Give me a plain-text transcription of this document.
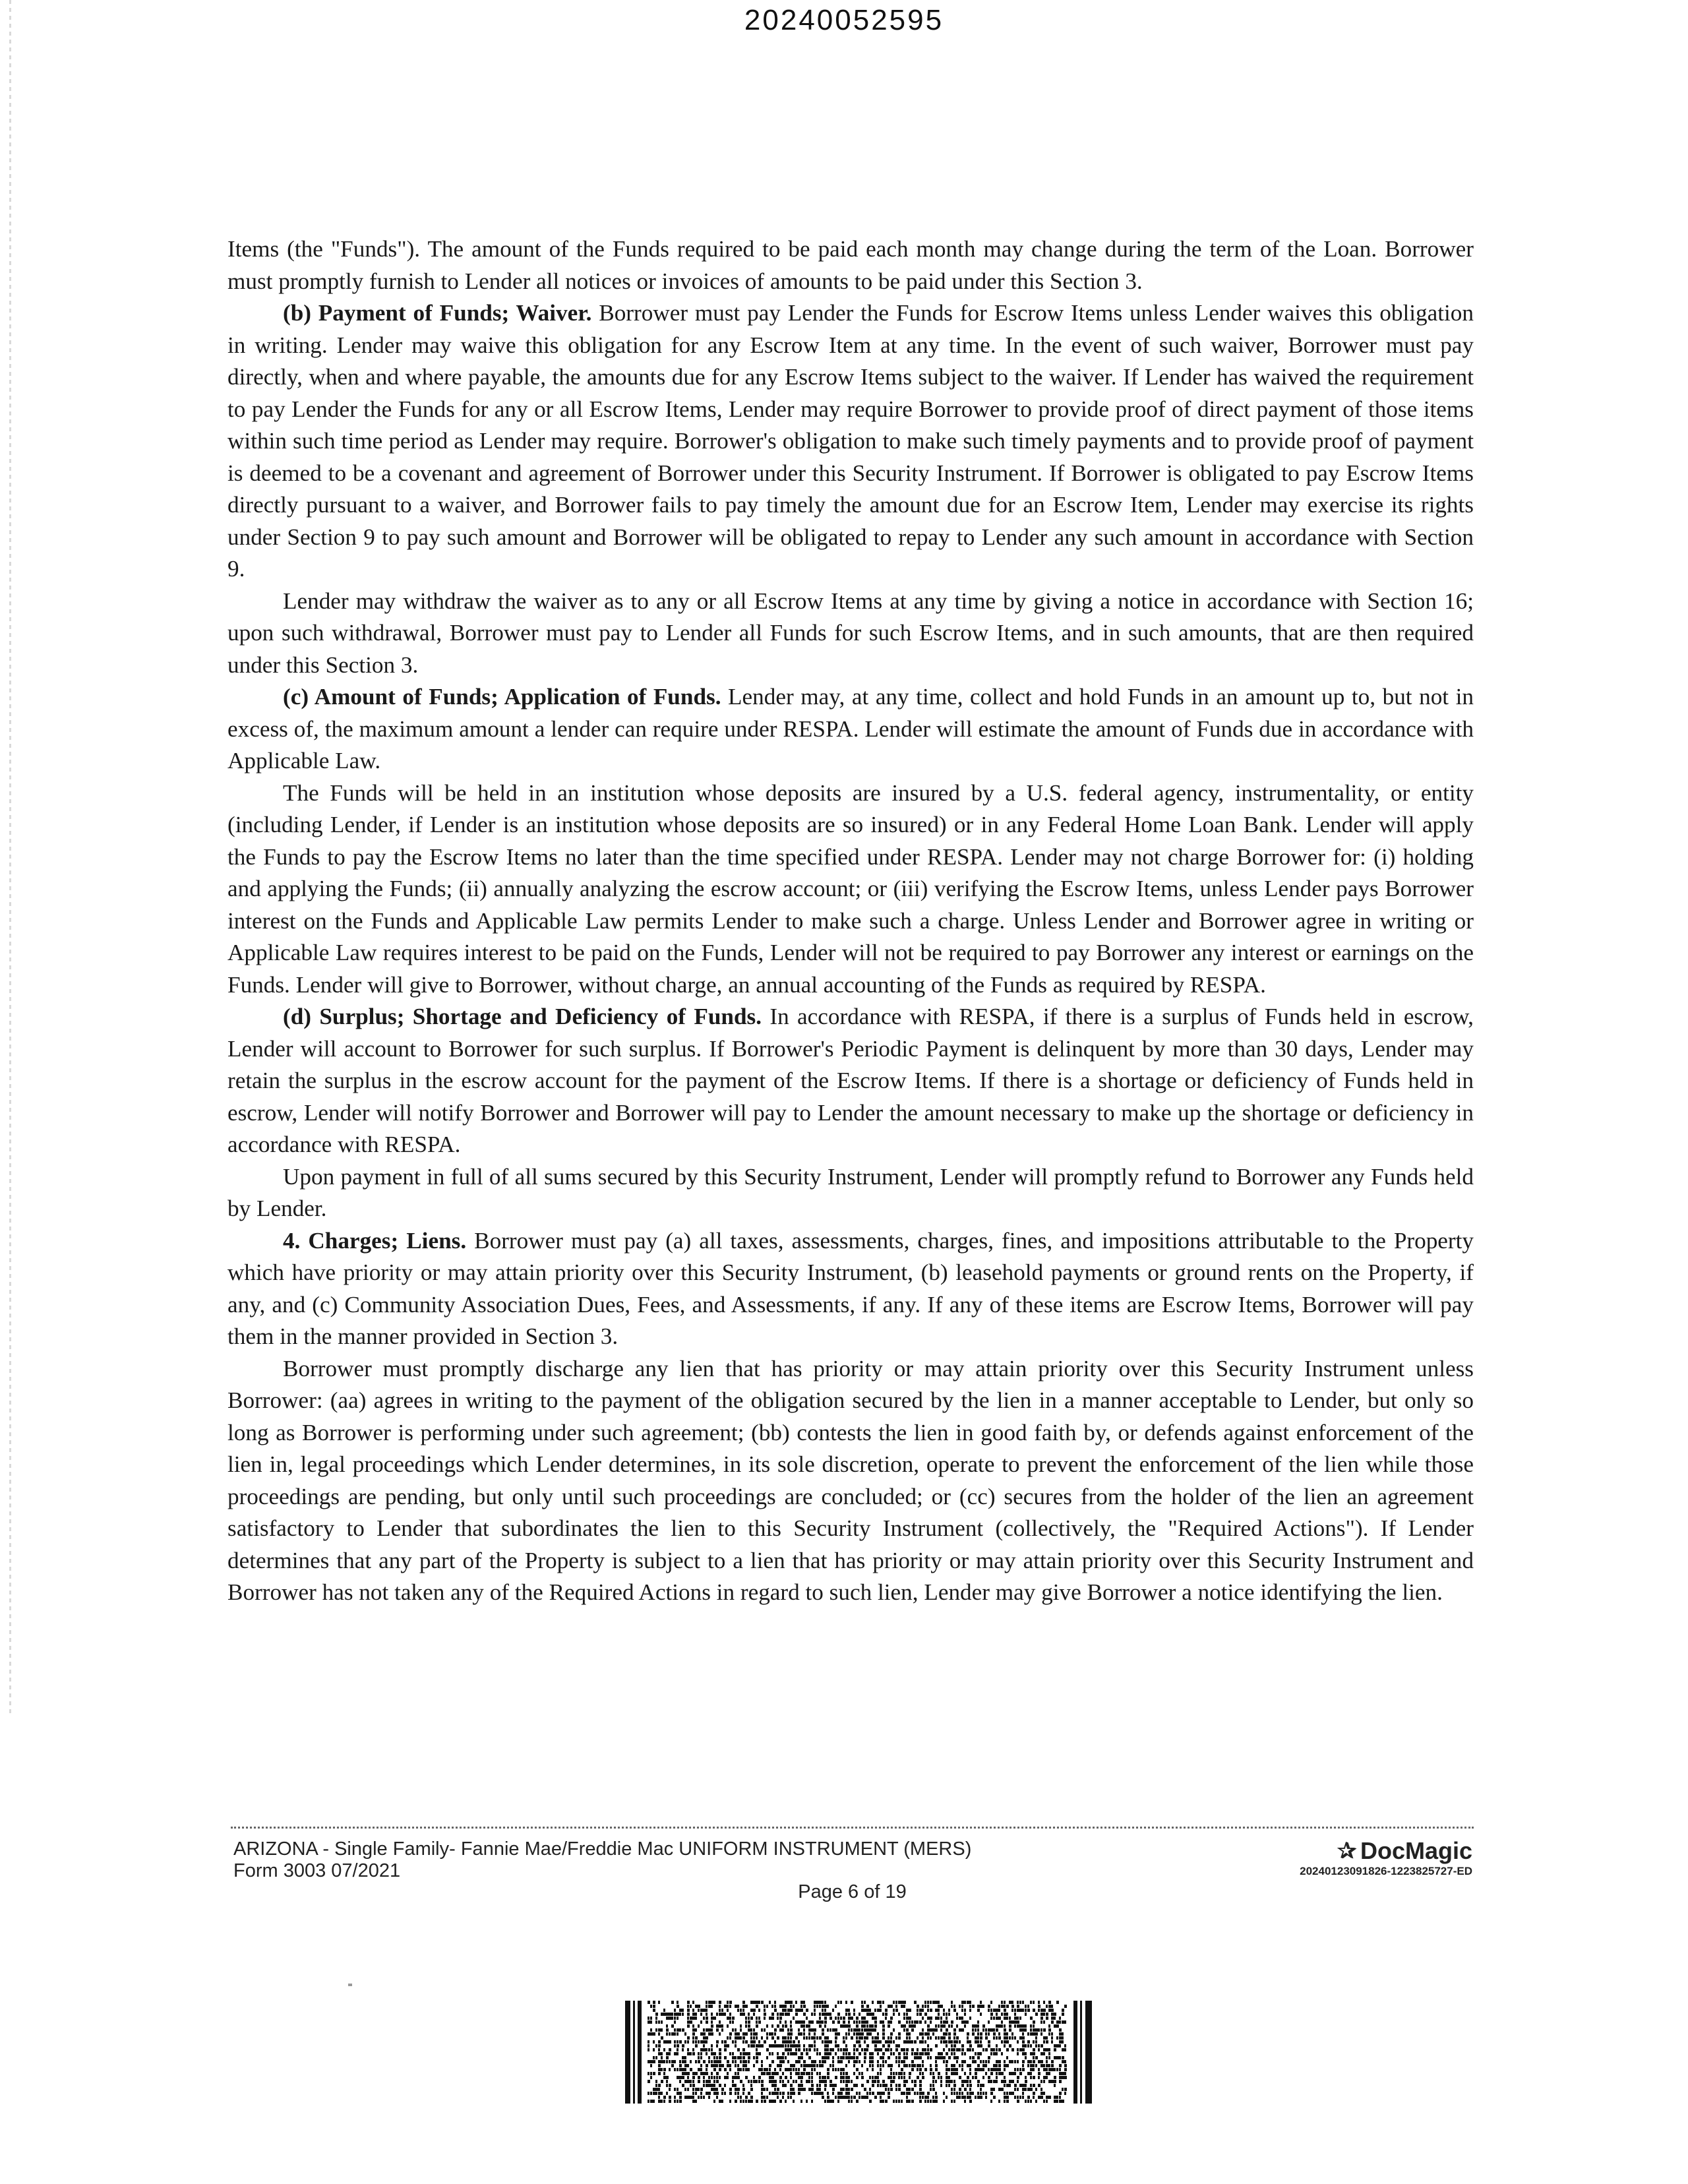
20240052595

Items (the "Funds"). The amount of the Funds required to be paid each month may change during the term of the Loan. Borrower must promptly furnish to Lender all notices or invoices of amounts to be paid under this Section 3.

(b) Payment of Funds; Waiver. Borrower must pay Lender the Funds for Escrow Items unless Lender waives this obligation in writing. Lender may waive this obligation for any Escrow Item at any time. In the event of such waiver, Borrower must pay directly, when and where payable, the amounts due for any Escrow Items subject to the waiver. If Lender has waived the requirement to pay Lender the Funds for any or all Escrow Items, Lender may require Borrower to provide proof of direct payment of those items within such time period as Lender may require. Borrower's obligation to make such timely payments and to provide proof of payment is deemed to be a covenant and agreement of Borrower under this Security Instrument. If Borrower is obligated to pay Escrow Items directly pursuant to a waiver, and Borrower fails to pay timely the amount due for an Escrow Item, Lender may exercise its rights under Section 9 to pay such amount and Borrower will be obligated to repay to Lender any such amount in accordance with Section 9.

Lender may withdraw the waiver as to any or all Escrow Items at any time by giving a notice in accordance with Section 16; upon such withdrawal, Borrower must pay to Lender all Funds for such Escrow Items, and in such amounts, that are then required under this Section 3.

(c) Amount of Funds; Application of Funds. Lender may, at any time, collect and hold Funds in an amount up to, but not in excess of, the maximum amount a lender can require under RESPA. Lender will estimate the amount of Funds due in accordance with Applicable Law.

The Funds will be held in an institution whose deposits are insured by a U.S. federal agency, instrumentality, or entity (including Lender, if Lender is an institution whose deposits are so insured) or in any Federal Home Loan Bank. Lender will apply the Funds to pay the Escrow Items no later than the time specified under RESPA. Lender may not charge Borrower for: (i) holding and applying the Funds; (ii) annually analyzing the escrow account; or (iii) verifying the Escrow Items, unless Lender pays Borrower interest on the Funds and Applicable Law permits Lender to make such a charge. Unless Lender and Borrower agree in writing or Applicable Law requires interest to be paid on the Funds, Lender will not be required to pay Borrower any interest or earnings on the Funds. Lender will give to Borrower, without charge, an annual accounting of the Funds as required by RESPA.

(d) Surplus; Shortage and Deficiency of Funds. In accordance with RESPA, if there is a surplus of Funds held in escrow, Lender will account to Borrower for such surplus. If Borrower's Periodic Payment is delinquent by more than 30 days, Lender may retain the surplus in the escrow account for the payment of the Escrow Items. If there is a shortage or deficiency of Funds held in escrow, Lender will notify Borrower and Borrower will pay to Lender the amount necessary to make up the shortage or deficiency in accordance with RESPA.

Upon payment in full of all sums secured by this Security Instrument, Lender will promptly refund to Borrower any Funds held by Lender.

4. Charges; Liens. Borrower must pay (a) all taxes, assessments, charges, fines, and impositions attributable to the Property which have priority or may attain priority over this Security Instrument, (b) leasehold payments or ground rents on the Property, if any, and (c) Community Association Dues, Fees, and Assessments, if any. If any of these items are Escrow Items, Borrower will pay them in the manner provided in Section 3.

Borrower must promptly discharge any lien that has priority or may attain priority over this Security Instrument unless Borrower: (aa) agrees in writing to the payment of the obligation secured by the lien in a manner acceptable to Lender, but only so long as Borrower is performing under such agreement; (bb) contests the lien in good faith by, or defends against enforcement of the lien in, legal proceedings which Lender determines, in its sole discretion, operate to prevent the enforcement of the lien while those proceedings are pending, but only until such proceedings are concluded; or (cc) secures from the holder of the lien an agreement satisfactory to Lender that subordinates the lien to this Security Instrument (collectively, the "Required Actions"). If Lender determines that any part of the Property is subject to a lien that has priority or may attain priority over this Security Instrument and Borrower has not taken any of the Required Actions in regard to such lien, Lender may give Borrower a notice identifying the lien.

ARIZONA - Single Family- Fannie Mae/Freddie Mac UNIFORM INSTRUMENT (MERS)
Form 3003 07/2021
Page 6 of 19
✰ DocMagic
20240123091826-1223825727-ED
